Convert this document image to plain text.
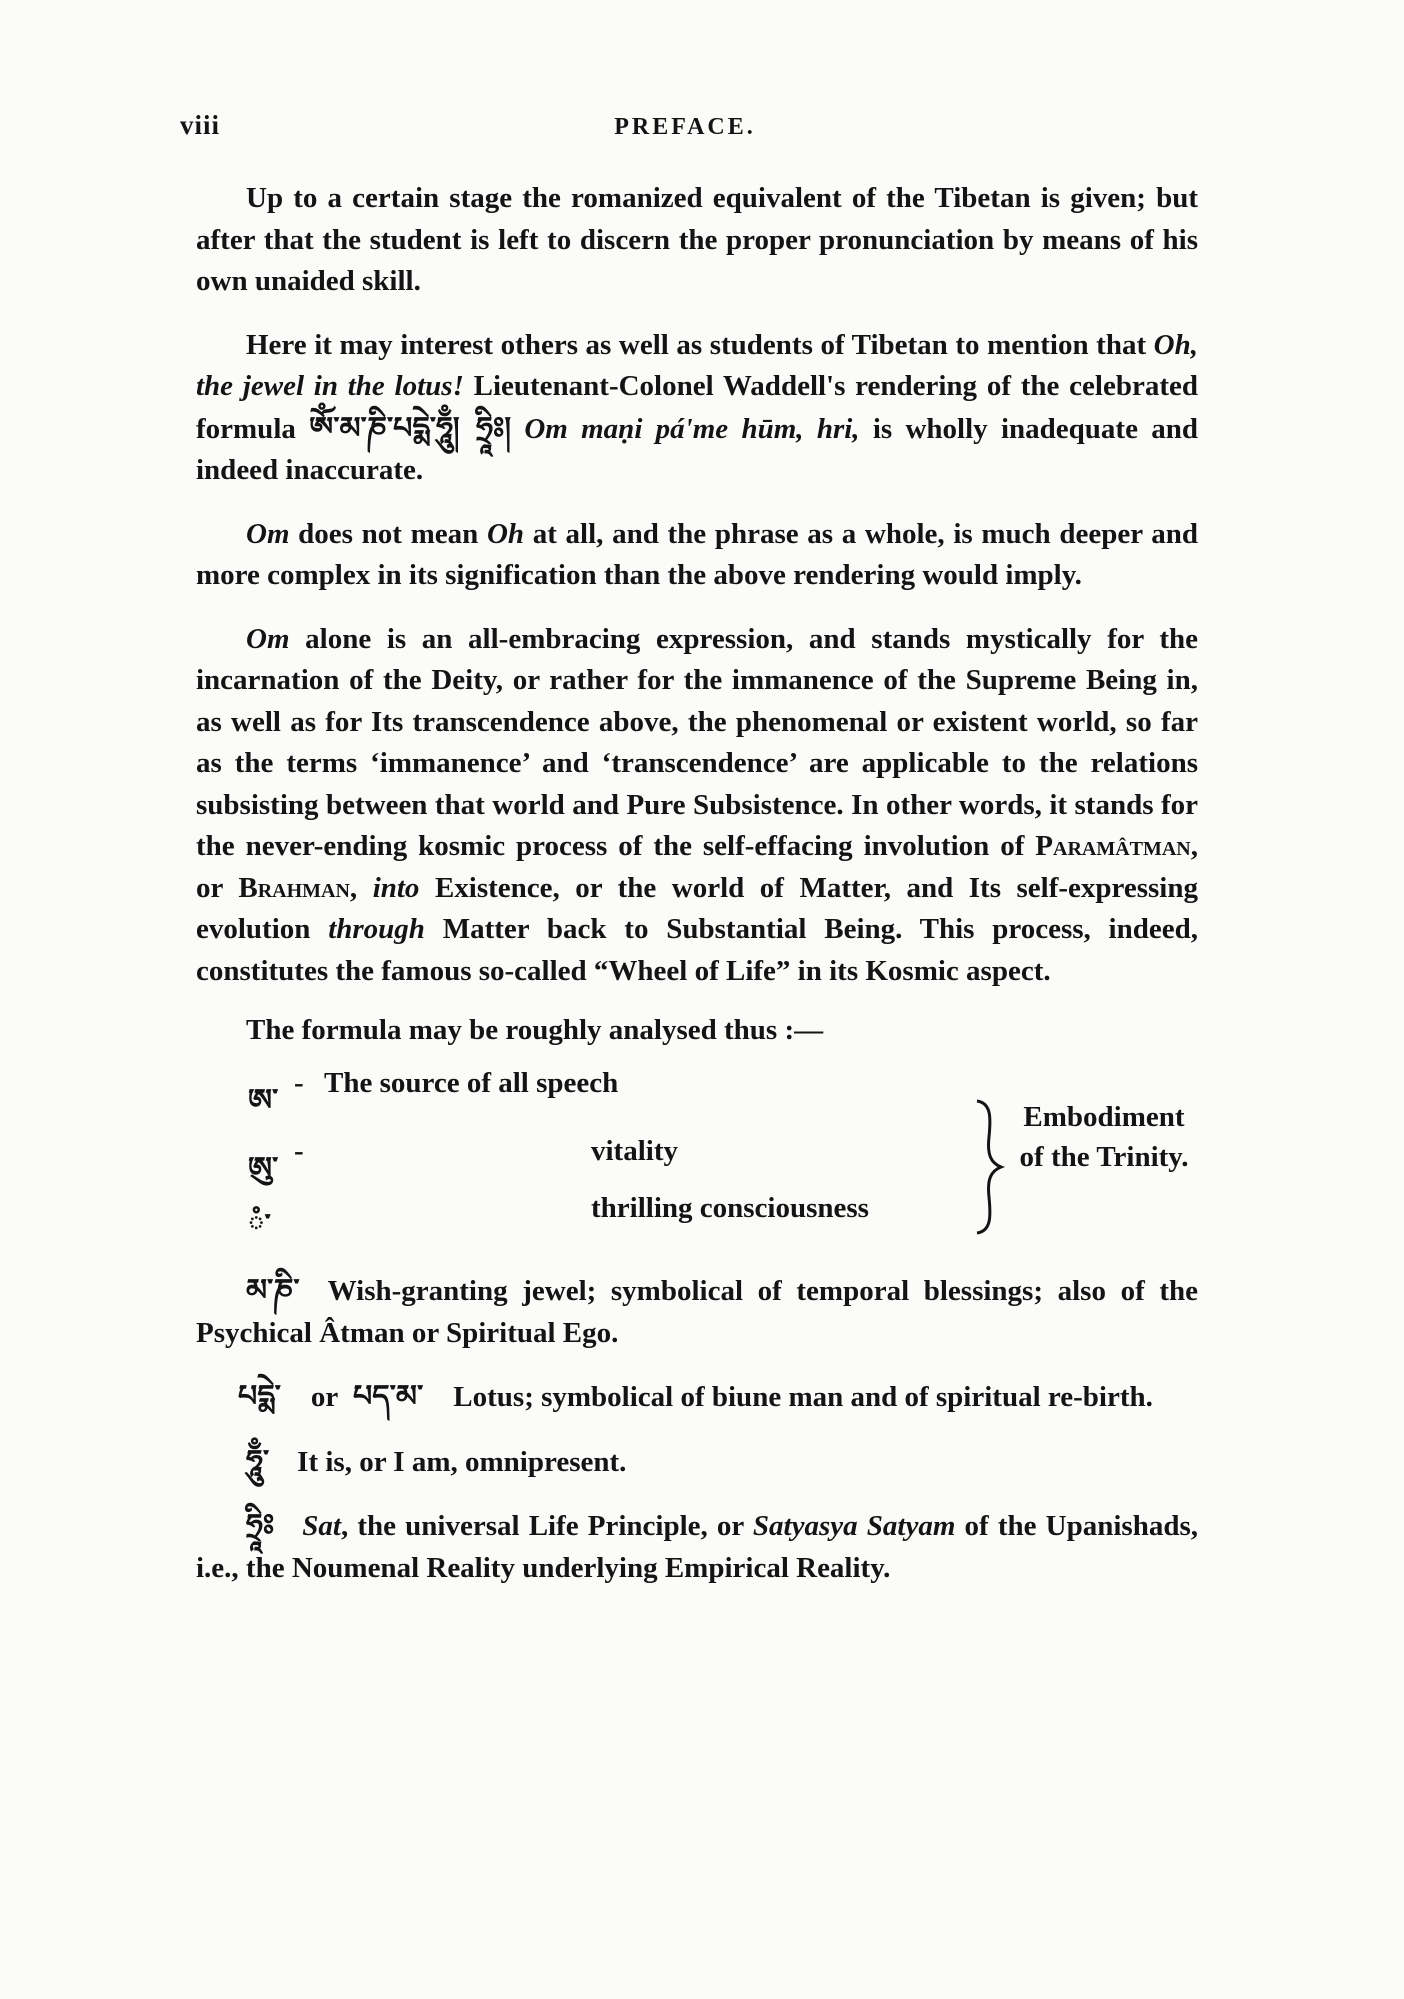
viii	PREFACE.

Up to a certain stage the romanized equivalent of the Tibetan is given; but after that the student is left to discern the proper pronunciation by means of his own unaided skill.

Here it may interest others as well as students of Tibetan to mention that Oh, the jewel in the lotus! Lieutenant-Colonel Waddell's rendering of the celebrated formula ཨོཾ་མ་ཎི་པདྨེ་ཧཱུྃ། ཧྲཱིཿ། Om maṇi pá'me hūm, hri, is wholly inadequate and indeed inaccurate.

Om does not mean Oh at all, and the phrase as a whole, is much deeper and more complex in its signification than the above rendering would imply.

Om alone is an all-embracing expression, and stands mystically for the incarnation of the Deity, or rather for the immanence of the Supreme Being in, as well as for Its transcendence above, the phenomenal or existent world, so far as the terms ‘immanence’ and ‘transcendence’ are applicable to the relations subsisting between that world and Pure Subsistence. In other words, it stands for the never-ending kosmic process of the self-effacing involution of Paramâtman, or Brahman, into Existence, or the world of Matter, and Its self-expressing evolution through Matter back to Substantial Being. This process, indeed, constitutes the famous so-called “Wheel of Life” in its Kosmic aspect.

The formula may be roughly analysed thus :—
ཨ་ - The source of all speech
ཨུ་ -	vitality
ཾ་	thrilling consciousness
Embodiment of the Trinity.
མ་ཎི་ Wish-granting jewel; symbolical of temporal blessings; also of the Psychical Âtman or Spiritual Ego.
པདྨེ་ or པད་མ་ Lotus; symbolical of biune man and of spiritual re-birth.
ཧཱུྃ་ It is, or I am, omnipresent.
ཧྲཱིཿ Sat, the universal Life Principle, or Satyasya Satyam of the Upanishads, i.e., the Noumenal Reality underlying Empirical Reality.
